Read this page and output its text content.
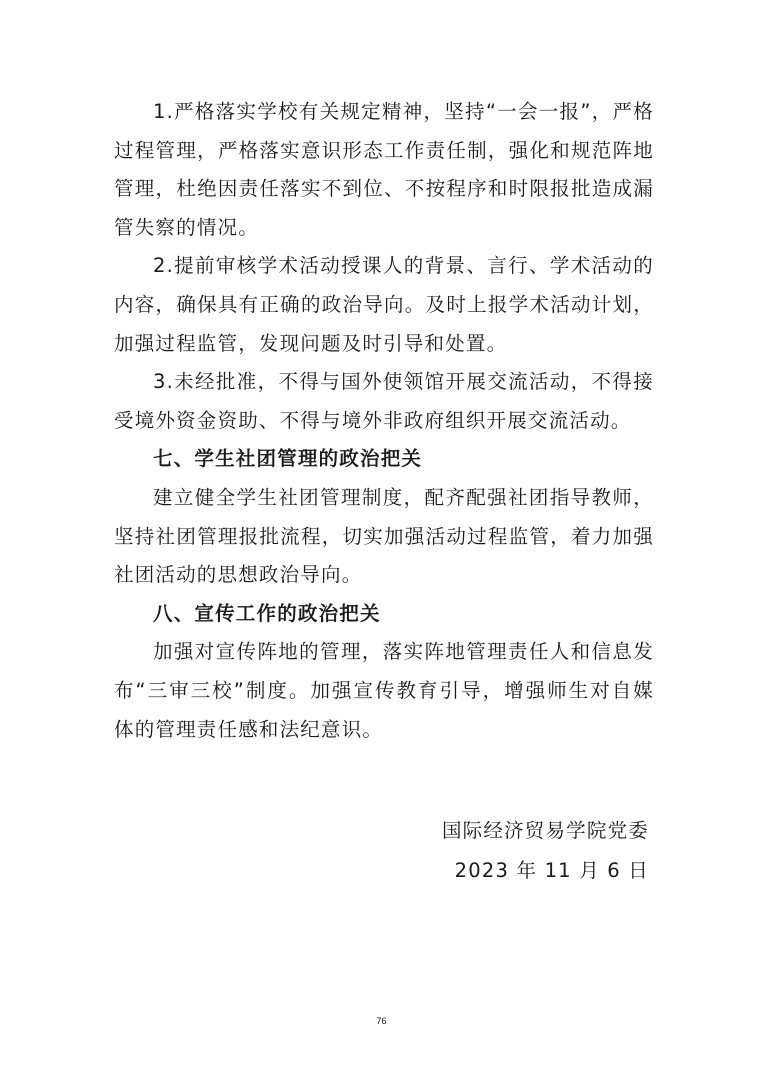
1.严格落实学校有关规定精神，坚持“一会一报”，严格过程管理，严格落实意识形态工作责任制，强化和规范阵地管理，杜绝因责任落实不到位、不按程序和时限报批造成漏管失察的情况。

2.提前审核学术活动授课人的背景、言行、学术活动的内容，确保具有正确的政治导向。及时上报学术活动计划，加强过程监管，发现问题及时引导和处置。

3.未经批准，不得与国外使领馆开展交流活动，不得接受境外资金资助、不得与境外非政府组织开展交流活动。

七、学生社团管理的政治把关

建立健全学生社团管理制度，配齐配强社团指导教师，坚持社团管理报批流程，切实加强活动过程监管，着力加强社团活动的思想政治导向。

八、宣传工作的政治把关

加强对宣传阵地的管理，落实阵地管理责任人和信息发布“三审三校”制度。加强宣传教育引导，增强师生对自媒体的管理责任感和法纪意识。

国际经济贸易学院党委

2023 年 11 月 6 日

76
